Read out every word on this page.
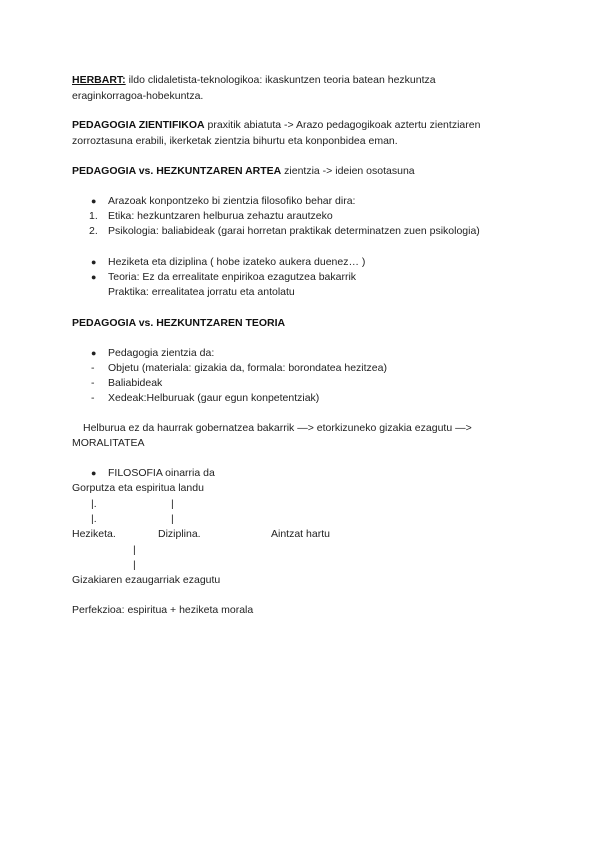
HERBART: ildo clidaletista-teknologikoa: ikaskuntzen teoria batean hezkuntza
eraginkorragoa-hobekuntza.
PEDAGOGIA ZIENTIFIKOA praxitik abiatuta -> Arazo pedagogikoak aztertu zientziaren
zorroztasuna erabili, ikerketak zientzia bihurtu eta konponbidea eman.
PEDAGOGIA vs. HEZKUNTZAREN ARTEA zientzia -> ideien osotasuna
● Arazoak konpontzeko bi zientzia filosofiko behar dira:
1. Etika: hezkuntzaren helburua zehaztu arautzeko
2. Psikologia: baliabideak (garai horretan praktikak determinatzen zuen psikologia)
● Heziketa eta diziplina ( hobe izateko aukera duenez… )
● Teoria: Ez da errealitate enpirikoa ezagutzea bakarrik
Praktika: errealitatea jorratu eta antolatu
PEDAGOGIA vs. HEZKUNTZAREN TEORIA
● Pedagogia zientzia da:
- Objetu (materiala: gizakia da, formala: borondatea hezitzea)
- Baliabideak
- Xedeak:Helburuak (gaur egun konpetentziak)
Helburua ez da haurrak gobernatzea bakarrik —> etorkizuneko gizakia ezagutu —>
MORALITATEA
● FILOSOFIA oinarria da
Gorputza eta espiritua landu
|.	|
|.	|
Heziketa.	Diziplina.	Aintzat hartu
|
|
Gizakiaren ezaugarriak ezagutu
Perfekzioa: espiritua + heziketa morala
